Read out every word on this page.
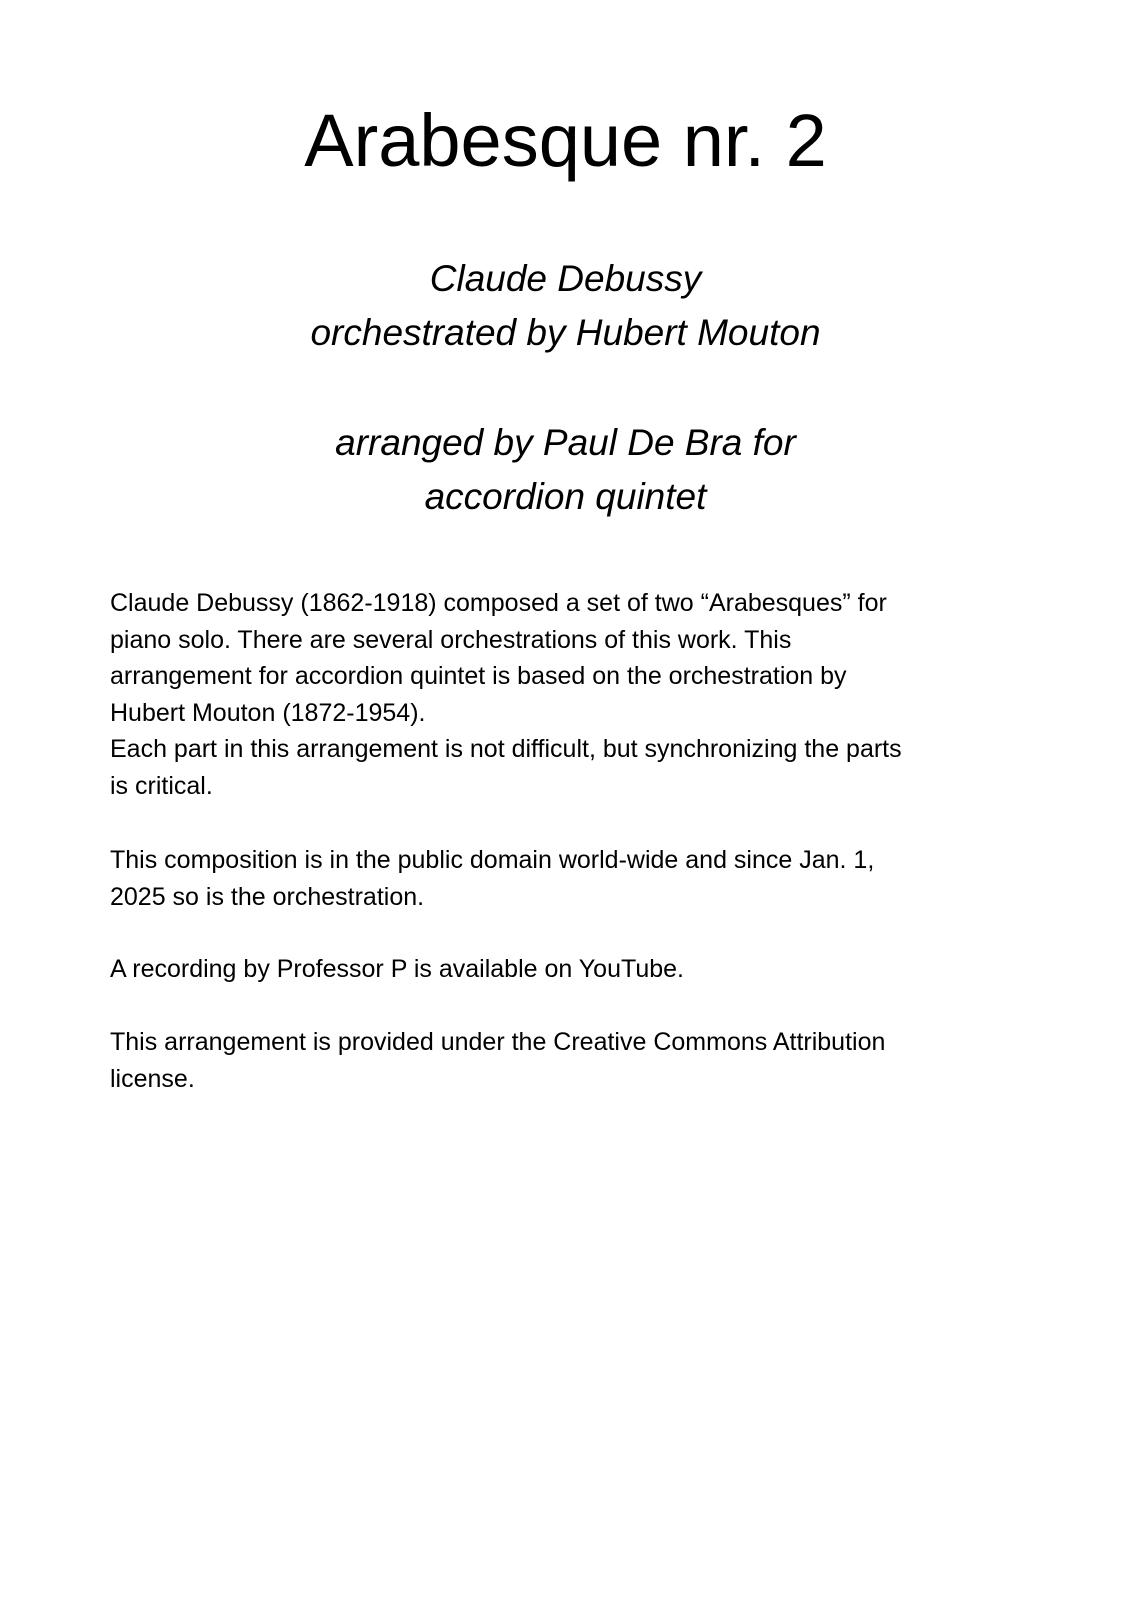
Arabesque nr. 2
Claude Debussy
orchestrated by Hubert Mouton
arranged by Paul De Bra for
accordion quintet
Claude Debussy (1862-1918) composed a set of two “Arabesques” for
piano solo. There are several orchestrations of this work. This
arrangement for accordion quintet is based on the orchestration by
Hubert Mouton (1872-1954).
Each part in this arrangement is not difficult, but synchronizing the parts
is critical.
This composition is in the public domain world-wide and since Jan. 1,
2025 so is the orchestration.
A recording by Professor P is available on YouTube.
This arrangement is provided under the Creative Commons Attribution
license.
